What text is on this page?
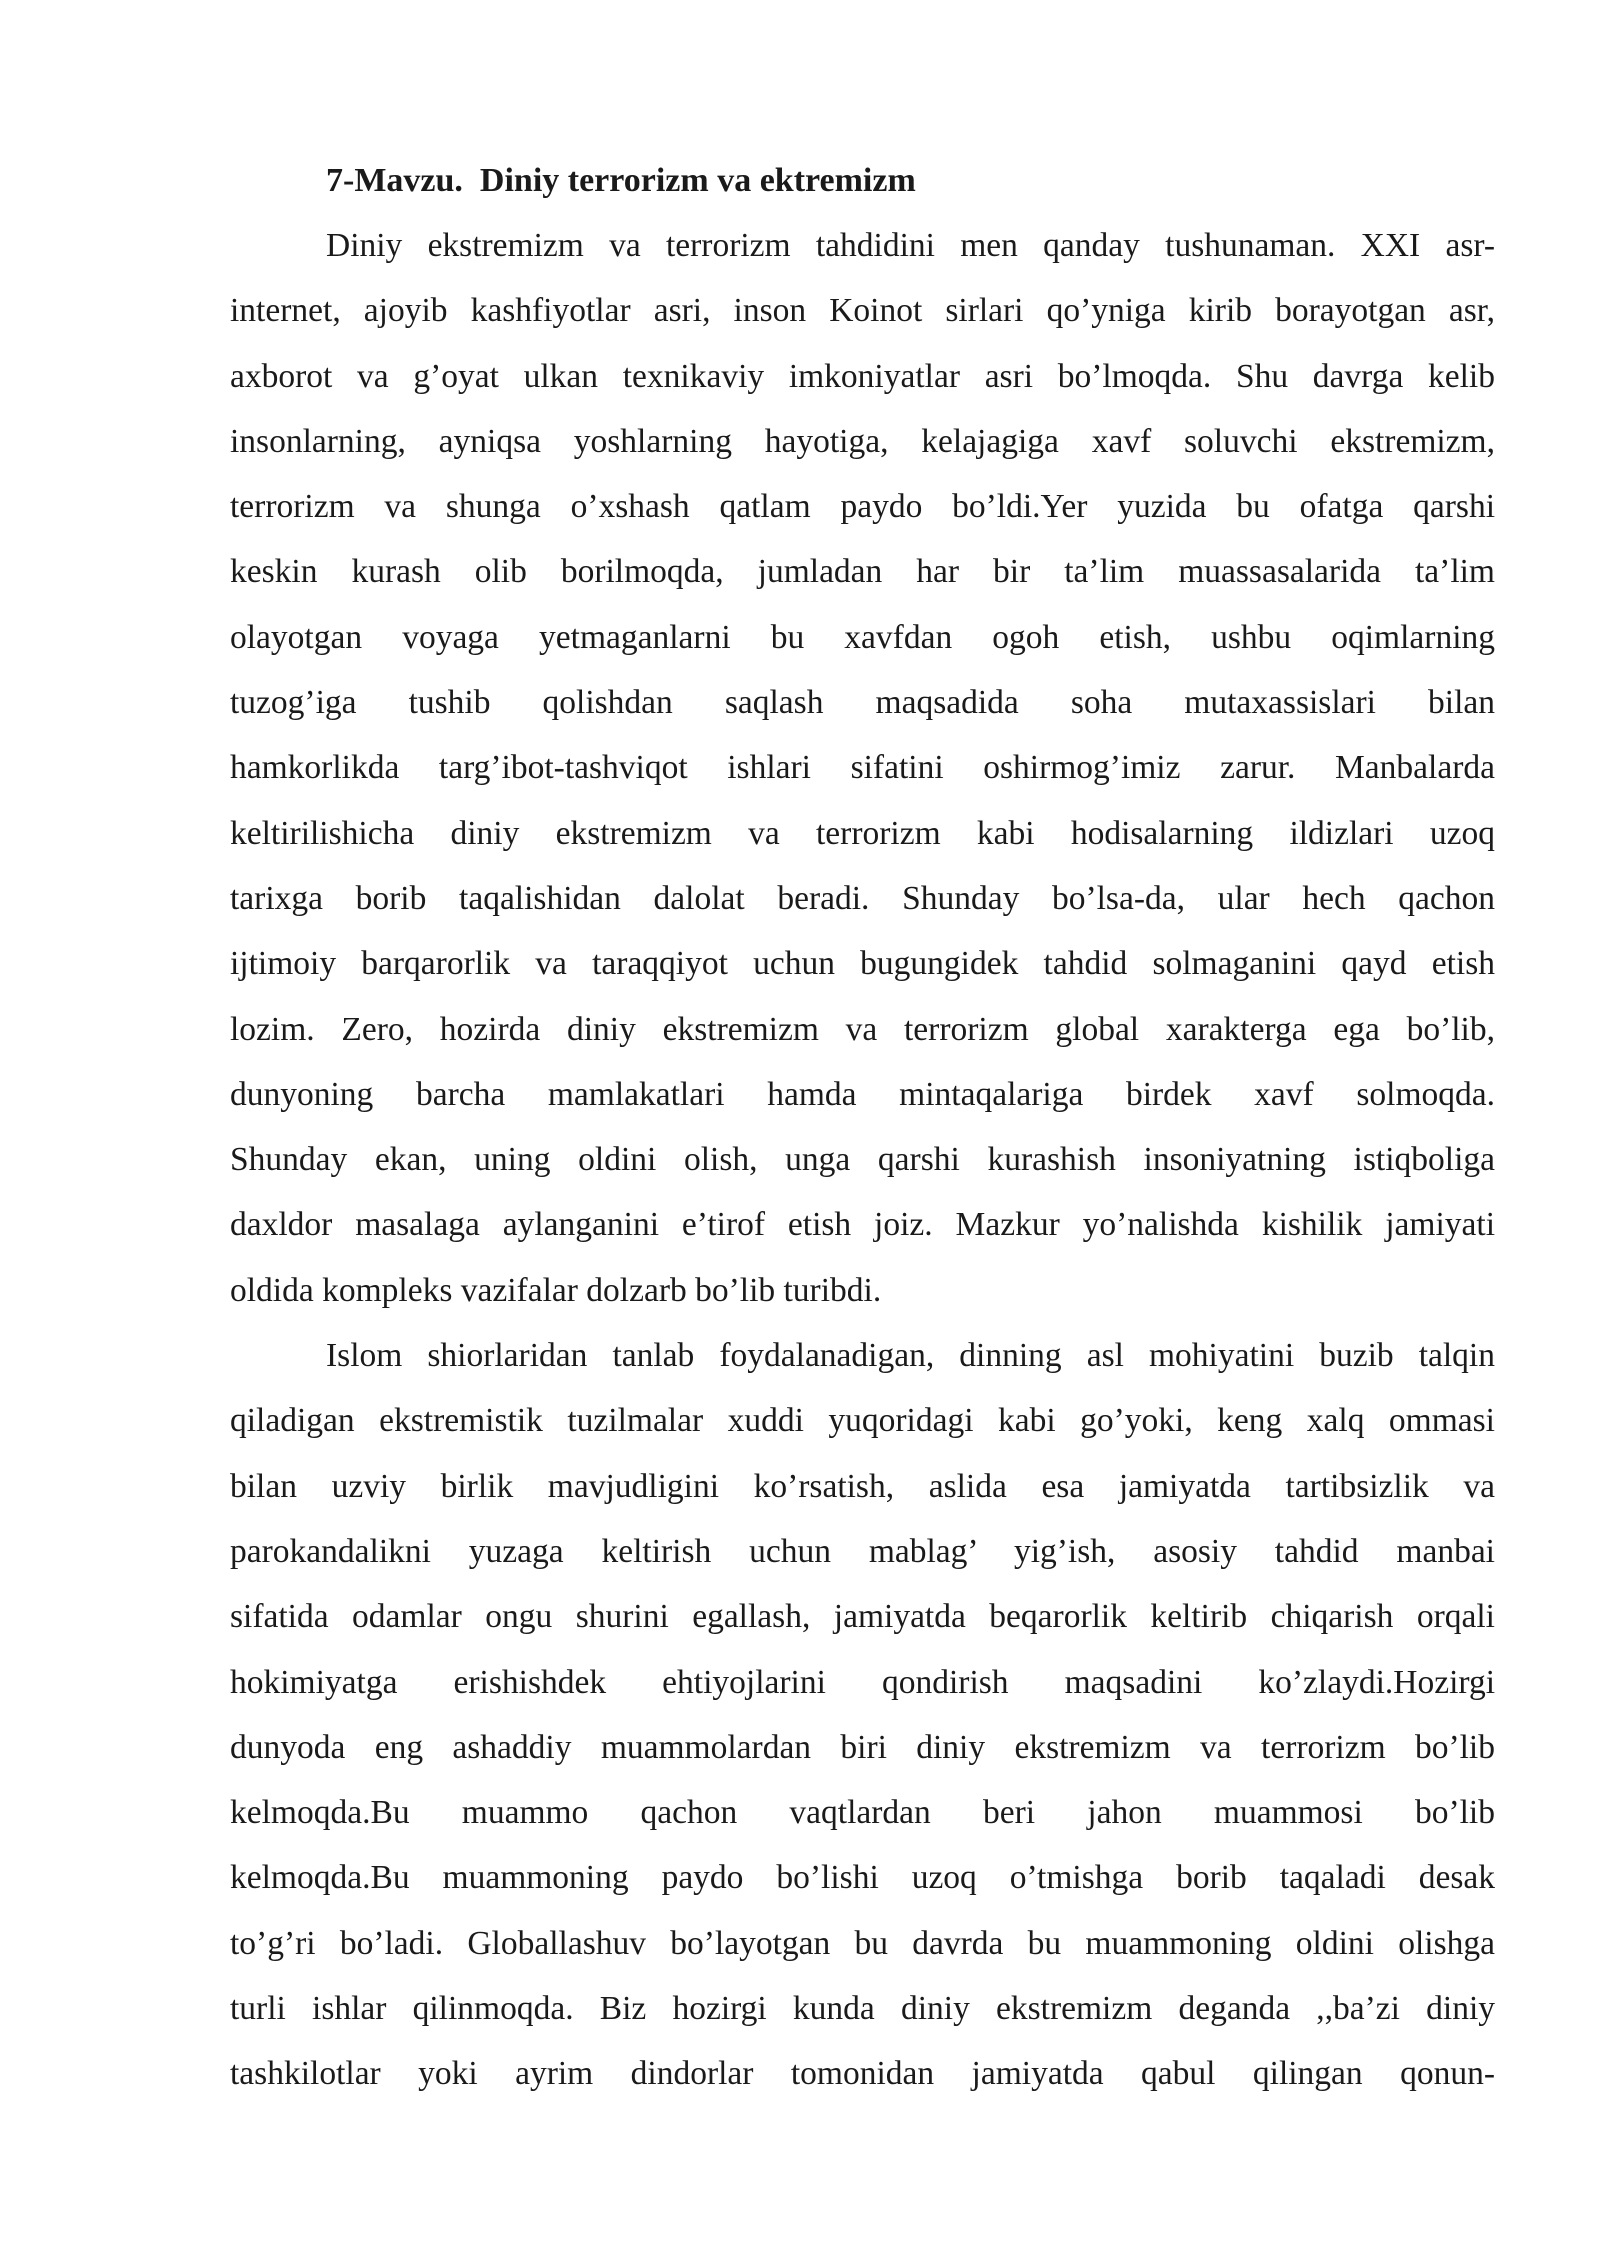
7-Mavzu.  Diniy terrorizm va ektremizm
Diniy ekstremizm va terrorizm tahdidini men qanday tushunaman. XXI asr-
internet, ajoyib kashfiyotlar asri, inson Koinot sirlari qo’yniga kirib borayotgan asr,
axborot va g’oyat ulkan texnikaviy imkoniyatlar asri bo’lmoqda. Shu davrga kelib
insonlarning, ayniqsa yoshlarning hayotiga, kelajagiga xavf soluvchi ekstremizm,
terrorizm va shunga o’xshash qatlam paydo bo’ldi.Yer yuzida bu ofatga qarshi
keskin kurash olib borilmoqda, jumladan har bir ta’lim muassasalarida ta’lim
olayotgan voyaga yetmaganlarni bu xavfdan ogoh etish, ushbu oqimlarning
tuzog’iga tushib qolishdan saqlash maqsadida soha mutaxassislari bilan
hamkorlikda targ’ibot-tashviqot ishlari sifatini oshirmog’imiz zarur. Manbalarda
keltirilishicha diniy ekstremizm va terrorizm kabi hodisalarning ildizlari uzoq
tarixga borib taqalishidan dalolat beradi. Shunday bo’lsa-da, ular hech qachon
ijtimoiy barqarorlik va taraqqiyot uchun bugungidek tahdid solmaganini qayd etish
lozim. Zero, hozirda diniy ekstremizm va terrorizm global xarakterga ega bo’lib,
dunyoning barcha mamlakatlari hamda mintaqalariga birdek xavf solmoqda.
Shunday ekan, uning oldini olish, unga qarshi kurashish insoniyatning istiqboliga
daxldor masalaga aylanganini e’tirof etish joiz. Mazkur yo’nalishda kishilik jamiyati
oldida kompleks vazifalar dolzarb bo’lib turibdi.
Islom shiorlaridan tanlab foydalanadigan, dinning asl mohiyatini buzib talqin
qiladigan ekstremistik tuzilmalar xuddi yuqoridagi kabi go’yoki, keng xalq ommasi
bilan uzviy birlik mavjudligini ko’rsatish, aslida esa jamiyatda tartibsizlik va
parokandalikni yuzaga keltirish uchun mablag’ yig’ish, asosiy tahdid manbai
sifatida odamlar ongu shurini egallash, jamiyatda beqarorlik keltirib chiqarish orqali
hokimiyatga erishishdek ehtiyojlarini qondirish maqsadini ko’zlaydi.Hozirgi
dunyoda eng ashaddiy muammolardan biri diniy ekstremizm va terrorizm bo’lib
kelmoqda.Bu muammo qachon vaqtlardan beri jahon muammosi bo’lib
kelmoqda.Bu muammoning paydo bo’lishi uzoq o’tmishga borib taqaladi desak
to’g’ri bo’ladi. Globallashuv bo’layotgan bu davrda bu muammoning oldini olishga
turli ishlar qilinmoqda. Biz hozirgi kunda diniy ekstremizm deganda ,,ba’zi diniy
tashkilotlar yoki ayrim dindorlar tomonidan jamiyatda qabul qilingan qonun-
